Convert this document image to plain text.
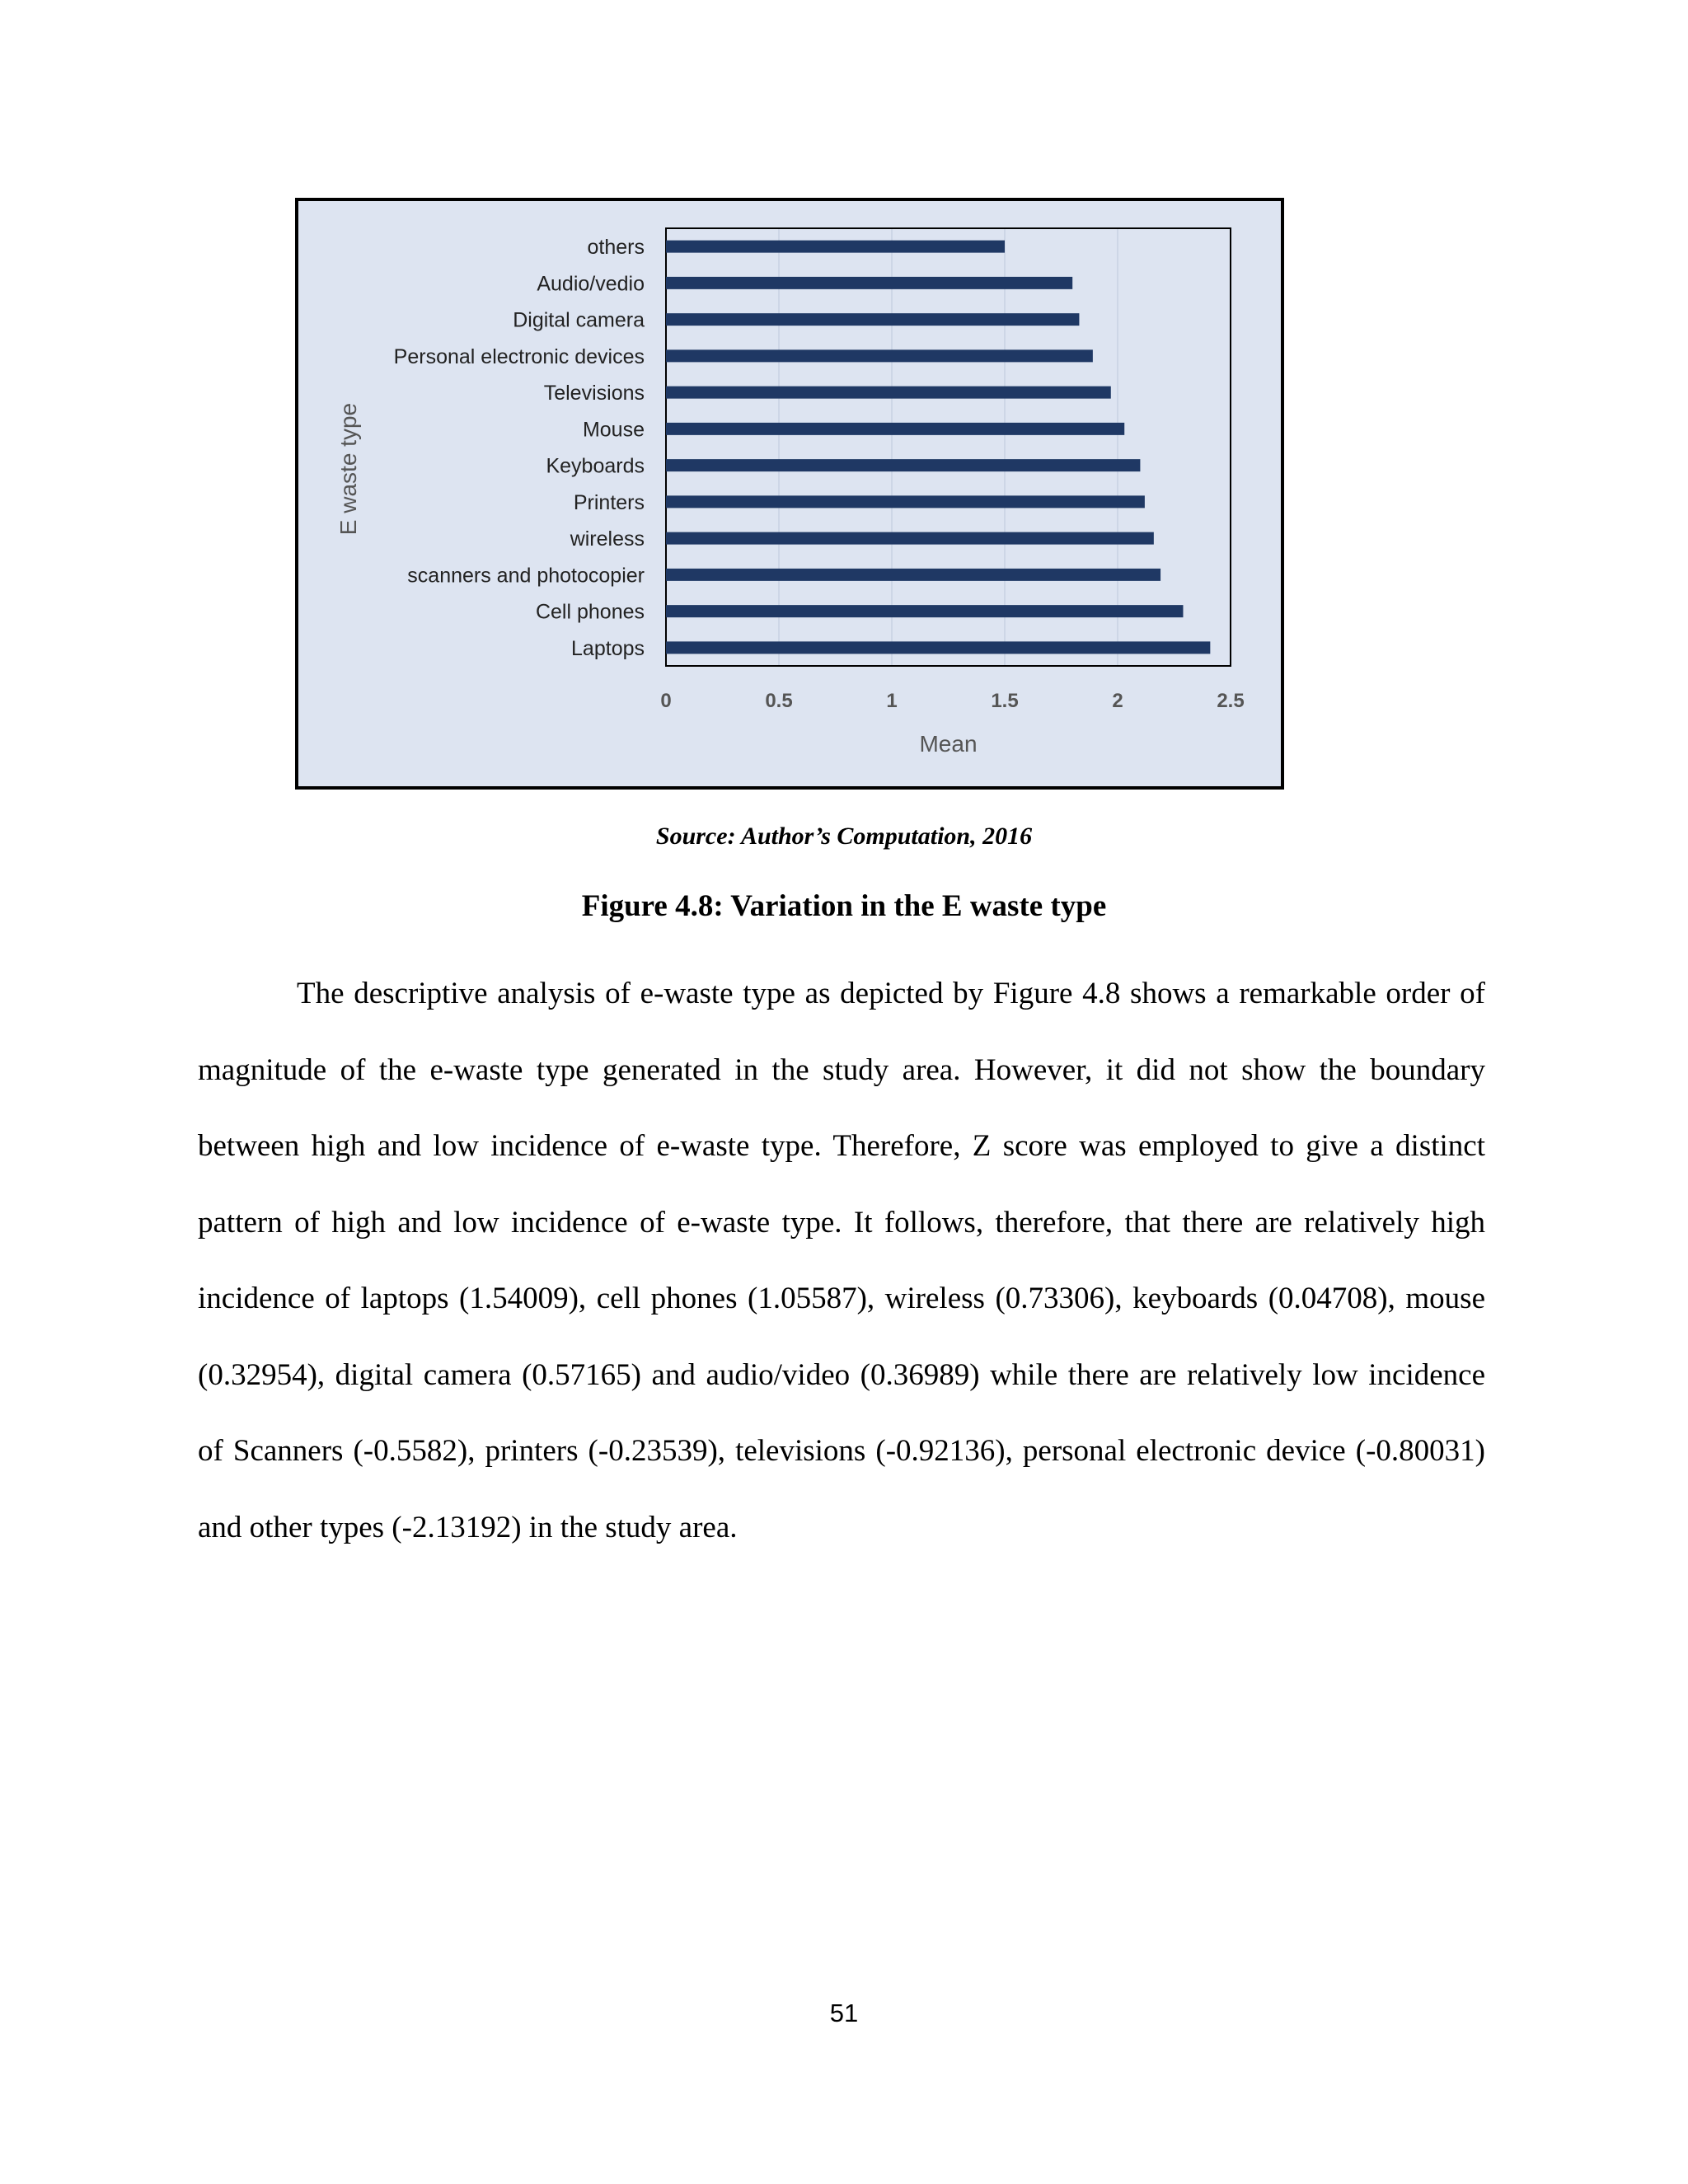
Laptops
Cell phones
scanners and photocopier
wireless
Printers
Keyboards
Mouse
Televisions
Personal electronic devices
Digital camera
Audio/vedio
others
0	0.5	1	1.5	2	2.5
Mean
E waste type
Source: Author’s Computation, 2016
Figure 4.8: Variation in the E waste type

The descriptive analysis of e-waste type as depicted by Figure 4.8 shows a remarkable order of magnitude of the e-waste type generated in the study area. However, it did not show the boundary between high and low incidence of e-waste type. Therefore, Z score was employed to give a distinct pattern of high and low incidence of e-waste type. It follows, therefore, that there are relatively high incidence of laptops (1.54009), cell phones (1.05587), wireless (0.73306), keyboards (0.04708), mouse (0.32954), digital camera (0.57165) and audio/video (0.36989) while there are relatively low incidence of Scanners (-0.5582), printers (-0.23539), televisions (-0.92136), personal electronic device (-0.80031) and other types (-2.13192) in the study area.

51
